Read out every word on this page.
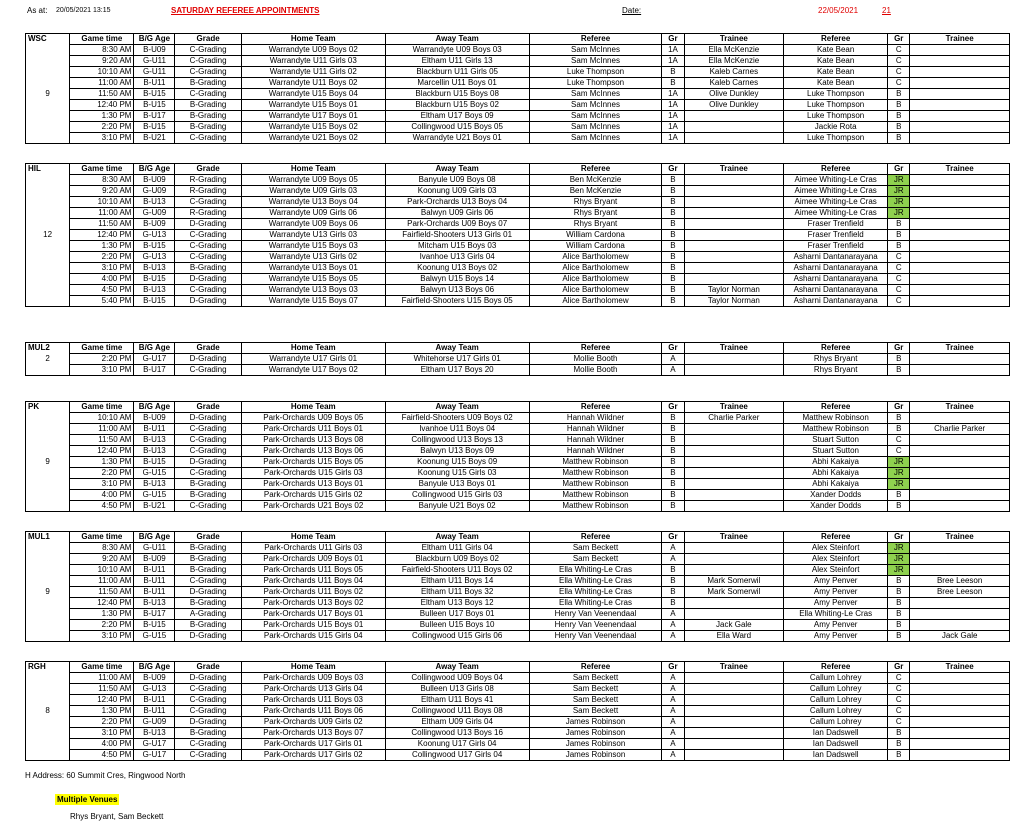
As at: 20/05/2021 13:15	SATURDAY REFEREE APPOINTMENTS	Date:	22/05/2021	21
WSC	Game time	B/G Age	Grade	Home Team	Away Team	Referee	Gr	Trainee	Referee	Gr	Trainee
	8:30 AM	B-U09	C-Grading	Warrandyte U09 Boys 02	Warrandyte U09 Boys 03	Sam McInnes	1A	Ella McKenzie	Kate Bean	C	
	9:20 AM	G-U11	C-Grading	Warrandyte U11 Girls 03	Eltham U11 Girls 13	Sam McInnes	1A	Ella McKenzie	Kate Bean	C	
	10:10 AM	G-U11	C-Grading	Warrandyte U11 Girls 02	Blackburn U11 Girls 05	Luke Thompson	B	Kaleb Carnes	Kate Bean	C	
	11:00 AM	B-U11	B-Grading	Warrandyte U11 Boys 02	Marcellin U11 Boys 01	Luke Thompson	B	Kaleb Carnes	Kate Bean	C	
9	11:50 AM	B-U15	C-Grading	Warrandyte U15 Boys 04	Blackburn U15 Boys 08	Sam McInnes	1A	Olive Dunkley	Luke Thompson	B	
	12:40 PM	B-U15	B-Grading	Warrandyte U15 Boys 01	Blackburn U15 Boys 02	Sam McInnes	1A	Olive Dunkley	Luke Thompson	B	
	1:30 PM	B-U17	B-Grading	Warrandyte U17 Boys 01	Eltham U17 Boys 09	Sam McInnes	1A		Luke Thompson	B	
	2:20 PM	B-U15	B-Grading	Warrandyte U15 Boys 02	Collingwood U15 Boys 05	Sam McInnes	1A		Jackie Rota	B	
	3:10 PM	B-U21	C-Grading	Warrandyte U21 Boys 02	Warrandyte U21 Boys 01	Sam McInnes	1A		Luke Thompson	B	
HIL	Game time	B/G Age	Grade	Home Team	Away Team	Referee	Gr	Trainee	Referee	Gr	Trainee
	8:30 AM	B-U09	R-Grading	Warrandyte U09 Boys 05	Banyule U09 Boys 08	Ben McKenzie	B		Aimee Whiting-Le Cras	JR	
	9:20 AM	G-U09	R-Grading	Warrandyte U09 Girls 03	Koonung U09 Girls 03	Ben McKenzie	B		Aimee Whiting-Le Cras	JR	
	10:10 AM	B-U13	C-Grading	Warrandyte U13 Boys 04	Park-Orchards U13 Boys 04	Rhys Bryant	B		Aimee Whiting-Le Cras	JR	
	11:00 AM	G-U09	R-Grading	Warrandyte U09 Girls 06	Balwyn U09 Girls 06	Rhys Bryant	B		Aimee Whiting-Le Cras	JR	
	11:50 AM	B-U09	D-Grading	Warrandyte U09 Boys 06	Park-Orchards U09 Boys 07	Rhys Bryant	B		Fraser Trenfield	B	
12	12:40 PM	G-U13	C-Grading	Warrandyte U13 Girls 03	Fairfield-Shooters U13 Girls 01	William Cardona	B		Fraser Trenfield	B	
	1:30 PM	B-U15	C-Grading	Warrandyte U15 Boys 03	Mitcham U15 Boys 03	William Cardona	B		Fraser Trenfield	B	
	2:20 PM	G-U13	C-Grading	Warrandyte U13 Girls 02	Ivanhoe U13 Girls 04	Alice Bartholomew	B		Asharni Dantanarayana	C	
	3:10 PM	B-U13	B-Grading	Warrandyte U13 Boys 01	Koonung U13 Boys 02	Alice Bartholomew	B		Asharni Dantanarayana	C	
	4:00 PM	B-U15	D-Grading	Warrandyte U15 Boys 05	Balwyn U15 Boys 14	Alice Bartholomew	B		Asharni Dantanarayana	C	
	4:50 PM	B-U13	C-Grading	Warrandyte U13 Boys 03	Balwyn U13 Boys 06	Alice Bartholomew	B	Taylor Norman	Asharni Dantanarayana	C	
	5:40 PM	B-U15	D-Grading	Warrandyte U15 Boys 07	Fairfield-Shooters U15 Boys 05	Alice Bartholomew	B	Taylor Norman	Asharni Dantanarayana	C	
MUL2	Game time	B/G Age	Grade	Home Team	Away Team	Referee	Gr	Trainee	Referee	Gr	Trainee
2	2:20 PM	G-U17	D-Grading	Warrandyte U17 Girls 01	Whitehorse U17 Girls 01	Mollie Booth	A		Rhys Bryant	B	
	3:10 PM	B-U17	C-Grading	Warrandyte U17 Boys 02	Eltham U17 Boys 20	Mollie Booth	A		Rhys Bryant	B	
PK	Game time	B/G Age	Grade	Home Team	Away Team	Referee	Gr	Trainee	Referee	Gr	Trainee
	10:10 AM	B-U09	D-Grading	Park-Orchards U09 Boys 05	Fairfield-Shooters U09 Boys 02	Hannah Wildner	B	Charlie Parker	Matthew Robinson	B	
	11:00 AM	B-U11	C-Grading	Park-Orchards U11 Boys 01	Ivanhoe U11 Boys 04	Hannah Wildner	B		Matthew Robinson	B	Charlie Parker
	11:50 AM	B-U13	C-Grading	Park-Orchards U13 Boys 08	Collingwood U13 Boys 13	Hannah Wildner	B		Stuart Sutton	C	
	12:40 PM	B-U13	C-Grading	Park-Orchards U13 Boys 06	Balwyn U13 Boys 09	Hannah Wildner	B		Stuart Sutton	C	
9	1:30 PM	B-U15	D-Grading	Park-Orchards U15 Boys 05	Koonung U15 Boys 09	Matthew Robinson	B		Abhi Kakaiya	JR	
	2:20 PM	G-U15	C-Grading	Park-Orchards U15 Girls 03	Koonung U15 Girls 03	Matthew Robinson	B		Abhi Kakaiya	JR	
	3:10 PM	B-U13	B-Grading	Park-Orchards U13 Boys 01	Banyule U13 Boys 01	Matthew Robinson	B		Abhi Kakaiya	JR	
	4:00 PM	G-U15	B-Grading	Park-Orchards U15 Girls 02	Collingwood U15 Girls 03	Matthew Robinson	B		Xander Dodds	B	
	4:50 PM	B-U21	C-Grading	Park-Orchards U21 Boys 02	Banyule U21 Boys 02	Matthew Robinson	B		Xander Dodds	B	
MUL1	Game time	B/G Age	Grade	Home Team	Away Team	Referee	Gr	Trainee	Referee	Gr	Trainee
	8:30 AM	G-U11	B-Grading	Park-Orchards U11 Girls 03	Eltham U11 Girls 04	Sam Beckett	A		Alex Steinfort	JR	
	9:20 AM	B-U09	B-Grading	Park-Orchards U09 Boys 01	Blackburn U09 Boys 02	Sam Beckett	A		Alex Steinfort	JR	
	10:10 AM	B-U11	B-Grading	Park-Orchards U11 Boys 05	Fairfield-Shooters U11 Boys 02	Ella Whiting-Le Cras	B		Alex Steinfort	JR	
	11:00 AM	B-U11	C-Grading	Park-Orchards U11 Boys 04	Eltham U11 Boys 14	Ella Whiting-Le Cras	B	Mark Somerwil	Amy Penver	B	Bree Leeson
9	11:50 AM	B-U11	D-Grading	Park-Orchards U11 Boys 02	Eltham U11 Boys 32	Ella Whiting-Le Cras	B	Mark Somerwil	Amy Penver	B	Bree Leeson
	12:40 PM	B-U13	B-Grading	Park-Orchards U13 Boys 02	Eltham U13 Boys 12	Ella Whiting-Le Cras	B		Amy Penver	B	
	1:30 PM	B-U17	A-Grading	Park-Orchards U17 Boys 01	Bulleen U17 Boys 01	Henry Van Veenendaal	A		Ella Whiting-Le Cras	B	
	2:20 PM	B-U15	B-Grading	Park-Orchards U15 Boys 01	Bulleen U15 Boys 10	Henry Van Veenendaal	A	Jack Gale	Amy Penver	B	
	3:10 PM	G-U15	D-Grading	Park-Orchards U15 Girls 04	Collingwood U15 Girls 06	Henry Van Veenendaal	A	Ella Ward	Amy Penver	B	Jack Gale
RGH	Game time	B/G Age	Grade	Home Team	Away Team	Referee	Gr	Trainee	Referee	Gr	Trainee
	11:00 AM	B-U09	D-Grading	Park-Orchards U09 Boys 03	Collingwood U09 Boys 04	Sam Beckett	A		Callum Lohrey	C	
	11:50 AM	G-U13	C-Grading	Park-Orchards U13 Girls 04	Bulleen U13 Girls 08	Sam Beckett	A		Callum Lohrey	C	
	12:40 PM	B-U11	C-Grading	Park-Orchards U11 Boys 03	Eltham U11 Boys 41	Sam Beckett	A		Callum Lohrey	C	
8	1:30 PM	B-U11	C-Grading	Park-Orchards U11 Boys 06	Collingwood U11 Boys 08	Sam Beckett	A		Callum Lohrey	C	
	2:20 PM	G-U09	D-Grading	Park-Orchards U09 Girls 02	Eltham U09 Girls 04	James Robinson	A		Callum Lohrey	C	
	3:10 PM	B-U13	B-Grading	Park-Orchards U13 Boys 07	Collingwood U13 Boys 16	James Robinson	A		Ian Dadswell	B	
	4:00 PM	G-U17	C-Grading	Park-Orchards U17 Girls 01	Koonung U17 Girls 04	James Robinson	A		Ian Dadswell	B	
	4:50 PM	G-U17	C-Grading	Park-Orchards U17 Girls 02	Collingwood U17 Girls 04	James Robinson	A		Ian Dadswell	B	
H Address: 60 Summit Cres, Ringwood North
Multiple Venues
Rhys Bryant, Sam Beckett
